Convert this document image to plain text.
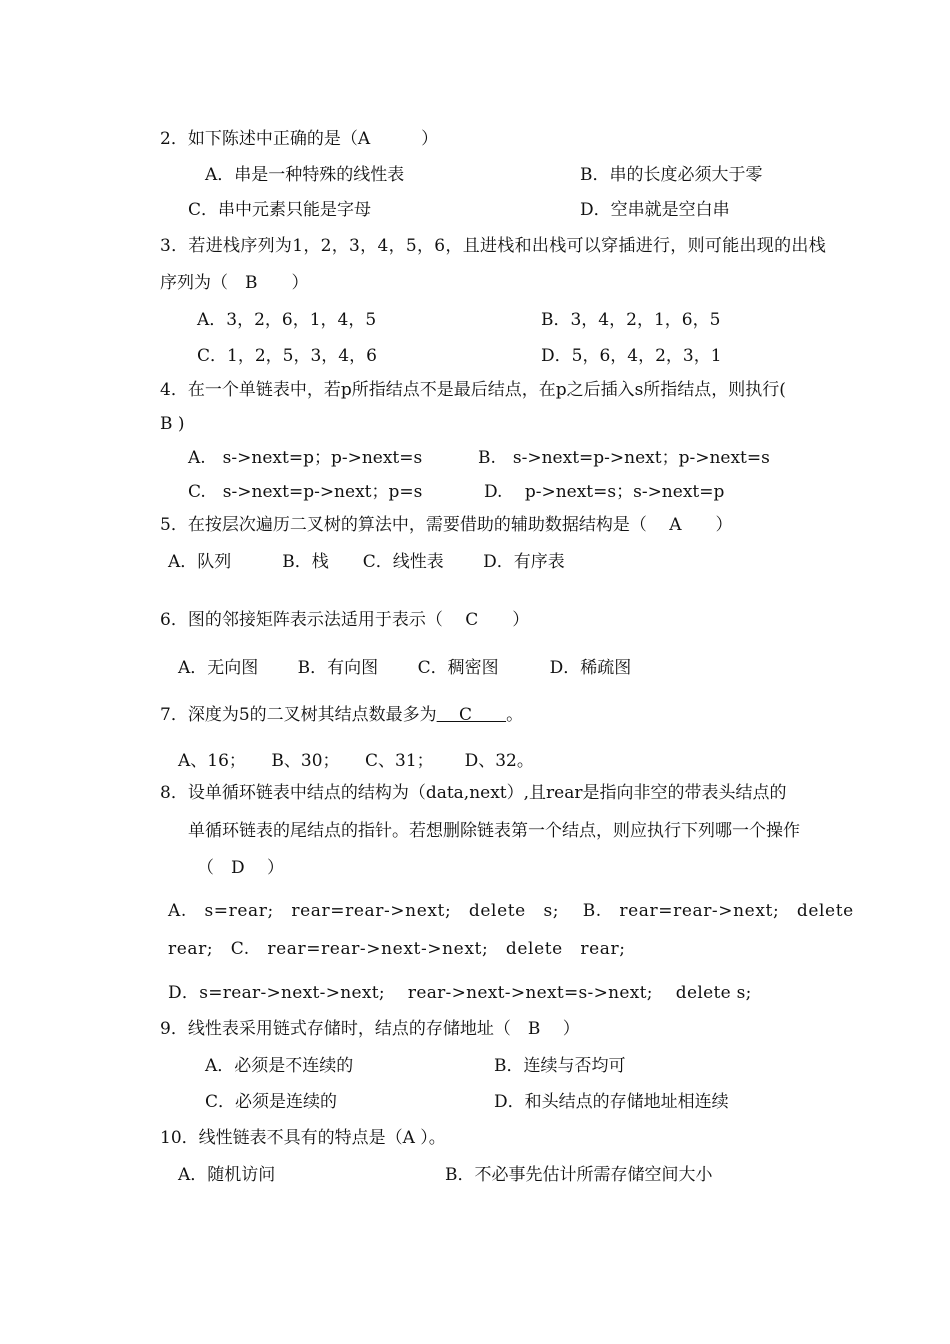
2．如下陈述中正确的是（A　　　）
A．串是一种特殊的线性表	B．串的长度必须大于零
C．串中元素只能是字母	D．空串就是空白串
3．若进栈序列为1，2，3，4，5，6，且进栈和出栈可以穿插进行，则可能出现的出栈
序列为（　B　　）
A．3，2，6，1，4，5	B．3，4，2，1，6，5
C．1，2，5，3，4，6	D．5，6，4，2，3，1
4．在一个单链表中，若p所指结点不是最后结点，在p之后插入s所指结点，则执行(
B )
A.　s->next=p；p->next=s	B.　s->next=p->next；p->next=s
C.　s->next=p->next；p=s	D.　 p->next=s；s->next=p
5．在按层次遍历二叉树的算法中，需要借助的辅助数据结构是（　 A　　）
A．队列　　　B．栈　　C．线性表　　 D．有序表
6．图的邻接矩阵表示法适用于表示（　 C　　）
A．无向图　　 B．有向图　　 C．稠密图　　　D．稀疏图
7．深度为5的二叉树其结点数最多为　 C　　。
A、16；　　B、30；　　C、31；　　 D、32。
8．设单循环链表中结点的结构为（data,next）,且rear是指向非空的带表头结点的
单循环链表的尾结点的指针。若想删除链表第一个结点，则应执行下列哪一个操作
（　D　 ）
A.　s=rear;　rear=rear->next;　delete　s;　 B.　rear=rear->next;　delete
rear;　C.　rear=rear->next->next;　delete　rear;
D．s=rear->next->next;　 rear->next->next=s->next;　 delete s;
9．线性表采用链式存储时，结点的存储地址（　B　 ）
A．必须是不连续的	B．连续与否均可
C．必须是连续的	D．和头结点的存储地址相连续
10．线性链表不具有的特点是（A ）。
A．随机访问	B．不必事先估计所需存储空间大小
